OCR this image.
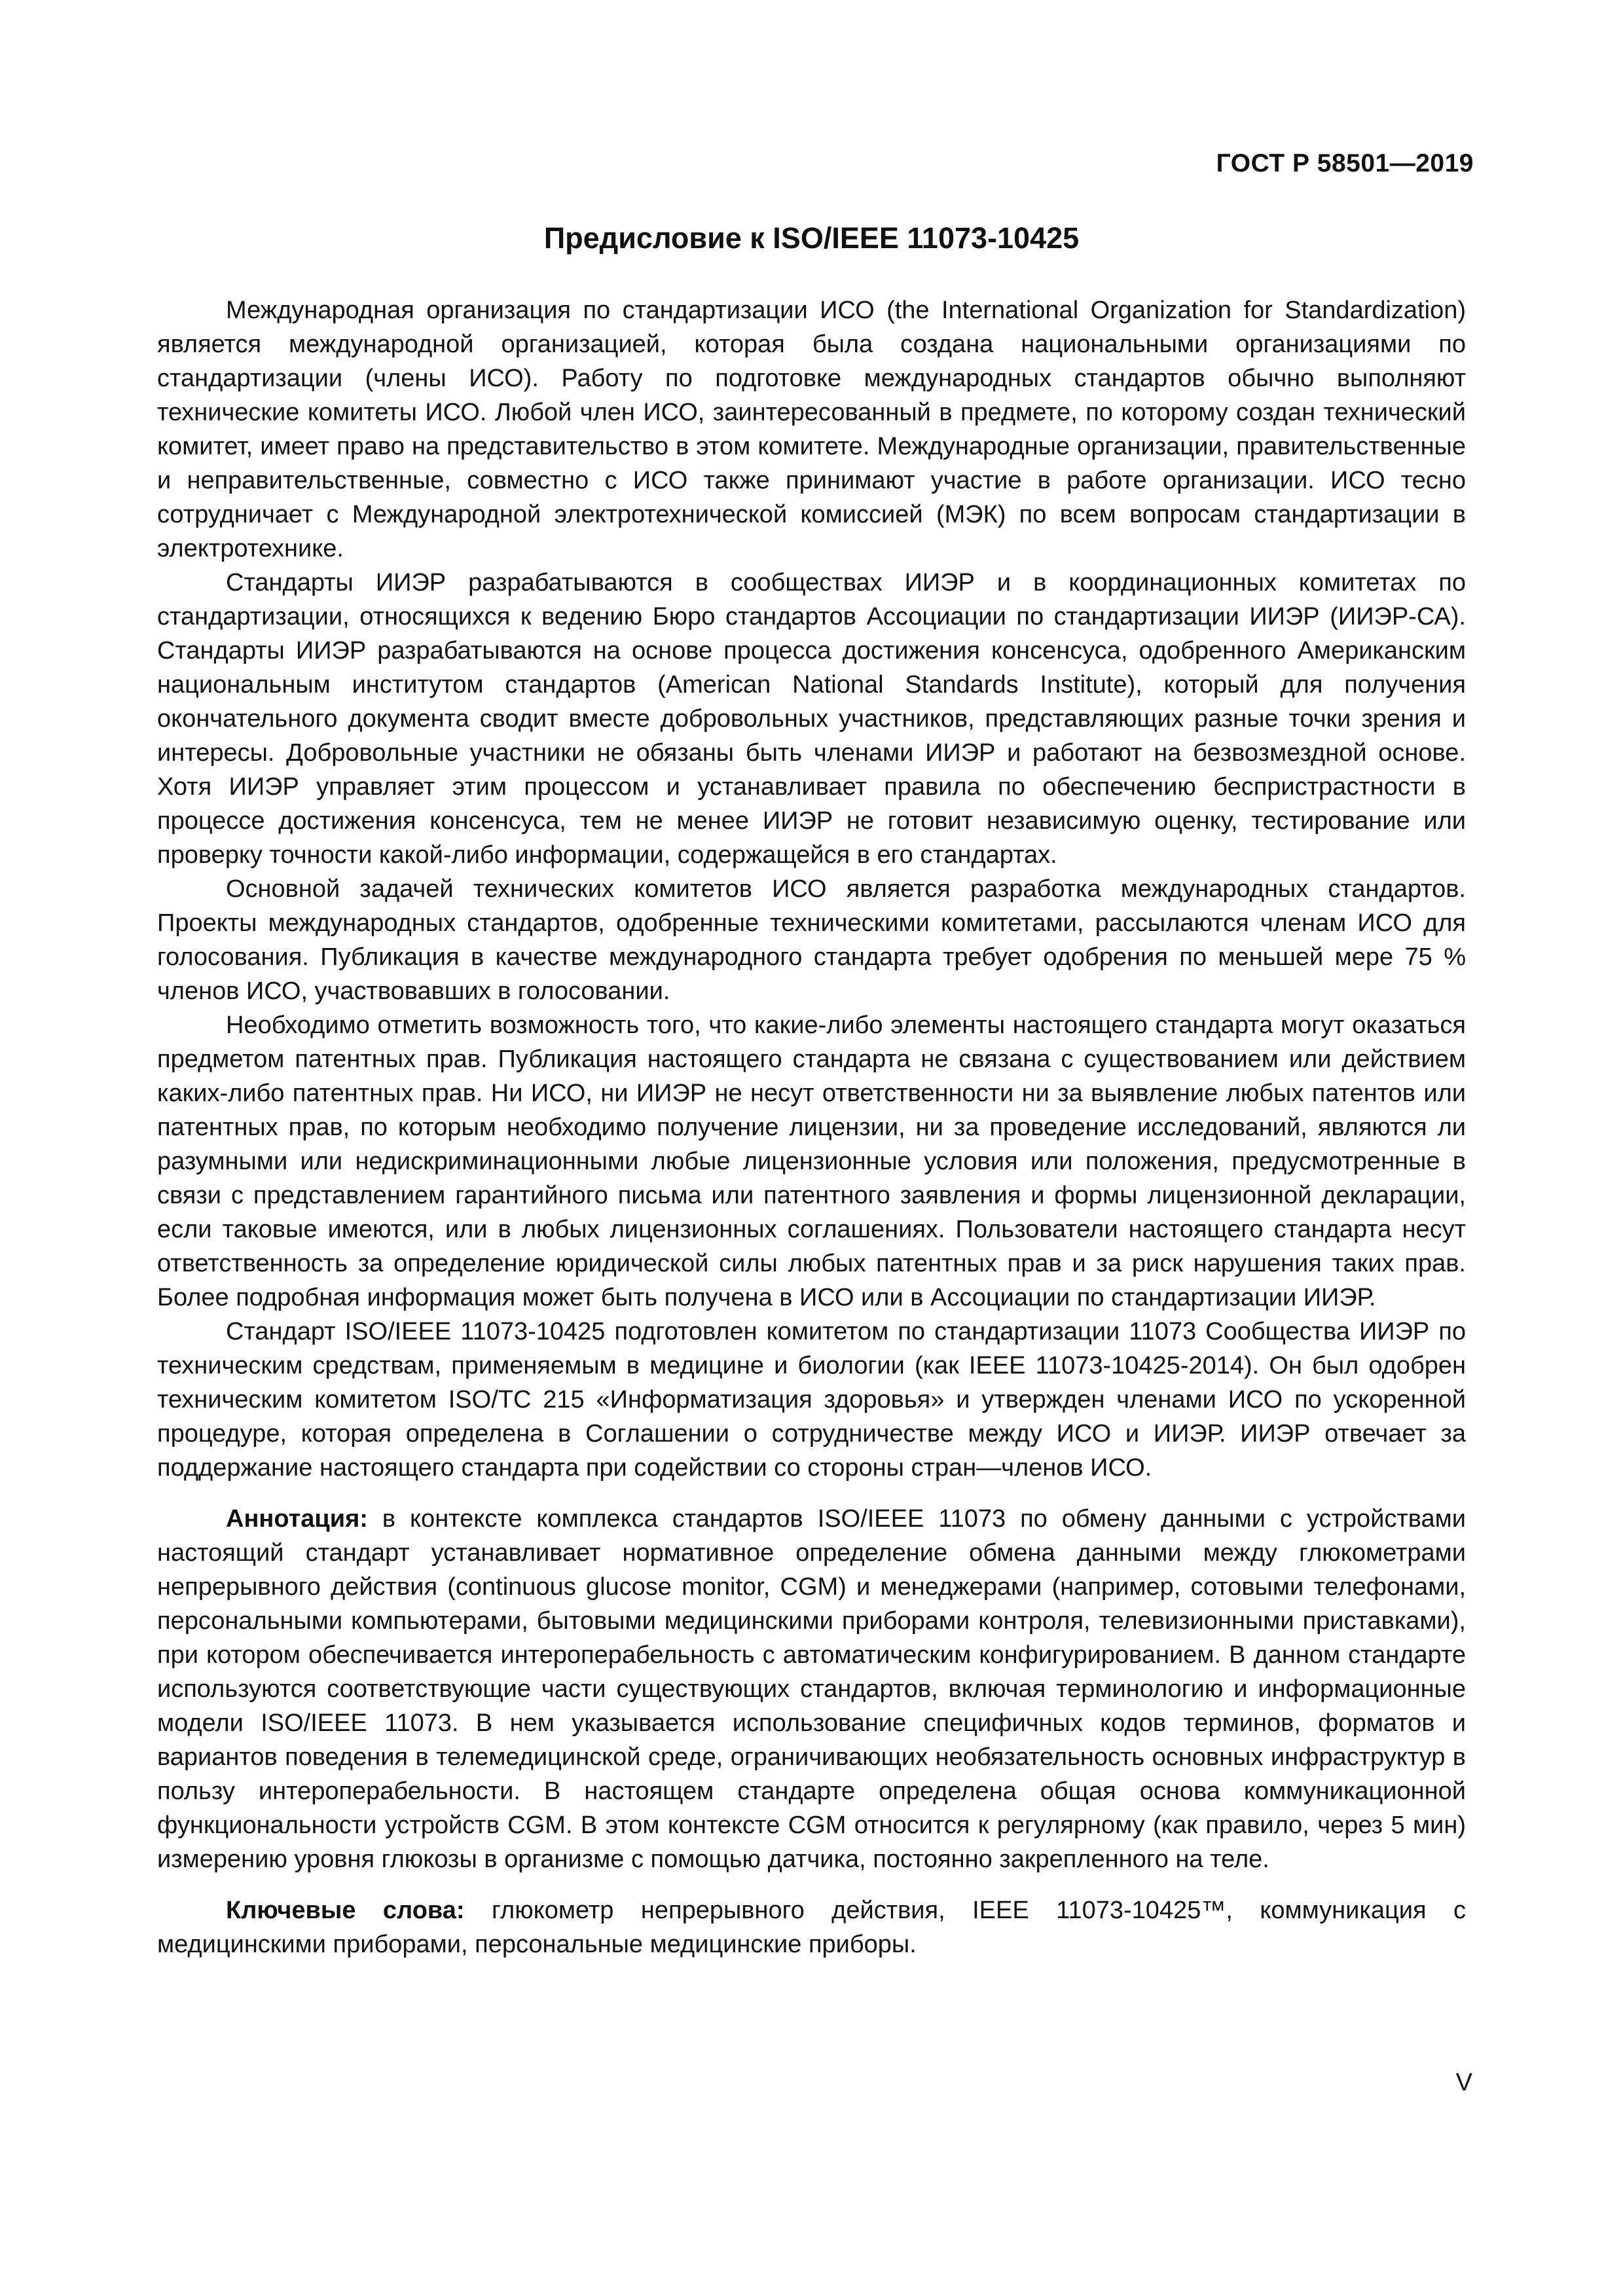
ГОСТ Р 58501—2019
Предисловие к ISO/IEEE 11073-10425

Международная организация по стандартизации ИСО (the International Organization for Standardization) является международной организацией, которая была создана национальными организациями по стандартизации (члены ИСО). Работу по подготовке международных стандартов обычно выполняют технические комитеты ИСО. Любой член ИСО, заинтересованный в предмете, по которому создан технический комитет, имеет право на представительство в этом комитете. Международные организации, правительственные и неправительственные, совместно с ИСО также принимают участие в работе организации. ИСО тесно сотрудничает с Международной электротехнической комиссией (МЭК) по всем вопросам стандартизации в электротехнике.

Стандарты ИИЭР разрабатываются в сообществах ИИЭР и в координационных комитетах по стандартизации, относящихся к ведению Бюро стандартов Ассоциации по стандартизации ИИЭР (ИИЭР-СА). Стандарты ИИЭР разрабатываются на основе процесса достижения консенсуса, одобренного Американским национальным институтом стандартов (American National Standards Institute), который для получения окончательного документа сводит вместе добровольных участников, представляющих разные точки зрения и интересы. Добровольные участники не обязаны быть членами ИИЭР и работают на безвозмездной основе. Хотя ИИЭР управляет этим процессом и устанавливает правила по обеспечению беспристрастности в процессе достижения консенсуса, тем не менее ИИЭР не готовит независимую оценку, тестирование или проверку точности какой-либо информации, содержащейся в его стандартах.

Основной задачей технических комитетов ИСО является разработка международных стандартов. Проекты международных стандартов, одобренные техническими комитетами, рассылаются членам ИСО для голосования. Публикация в качестве международного стандарта требует одобрения по меньшей мере 75 % членов ИСО, участвовавших в голосовании.

Необходимо отметить возможность того, что какие-либо элементы настоящего стандарта могут оказаться предметом патентных прав. Публикация настоящего стандарта не связана с существованием или действием каких-либо патентных прав. Ни ИСО, ни ИИЭР не несут ответственности ни за выявление любых патентов или патентных прав, по которым необходимо получение лицензии, ни за проведение исследований, являются ли разумными или недискриминационными любые лицензионные условия или положения, предусмотренные в связи с представлением гарантийного письма или патентного заявления и формы лицензионной декларации, если таковые имеются, или в любых лицензионных соглашениях. Пользователи настоящего стандарта несут ответственность за определение юридической силы любых патентных прав и за риск нарушения таких прав. Более подробная информация может быть получена в ИСО или в Ассоциации по стандартизации ИИЭР.

Стандарт ISO/IEEE 11073-10425 подготовлен комитетом по стандартизации 11073 Сообщества ИИЭР по техническим средствам, применяемым в медицине и биологии (как IEEE 11073-10425-2014). Он был одобрен техническим комитетом ISO/TC 215 «Информатизация здоровья» и утвержден членами ИСО по ускоренной процедуре, которая определена в Соглашении о сотрудничестве между ИСО и ИИЭР. ИИЭР отвечает за поддержание настоящего стандарта при содействии со стороны стран—членов ИСО.

Аннотация: в контексте комплекса стандартов ISO/IEEE 11073 по обмену данными с устройствами настоящий стандарт устанавливает нормативное определение обмена данными между глюкометрами непрерывного действия (continuous glucose monitor, CGM) и менеджерами (например, сотовыми телефонами, персональными компьютерами, бытовыми медицинскими приборами контроля, телевизионными приставками), при котором обеспечивается интероперабельность с автоматическим конфигурированием. В данном стандарте используются соответствующие части существующих стандартов, включая терминологию и информационные модели ISO/IEEE 11073. В нем указывается использование специфичных кодов терминов, форматов и вариантов поведения в телемедицинской среде, ограничивающих необязательность основных инфраструктур в пользу интероперабельности. В настоящем стандарте определена общая основа коммуникационной функциональности устройств CGM. В этом контексте CGM относится к регулярному (как правило, через 5 мин) измерению уровня глюкозы в организме с помощью датчика, постоянно закрепленного на теле.

Ключевые слова: глюкометр непрерывного действия, IEEE 11073-10425™, коммуникация с медицинскими приборами, персональные медицинские приборы.

V
